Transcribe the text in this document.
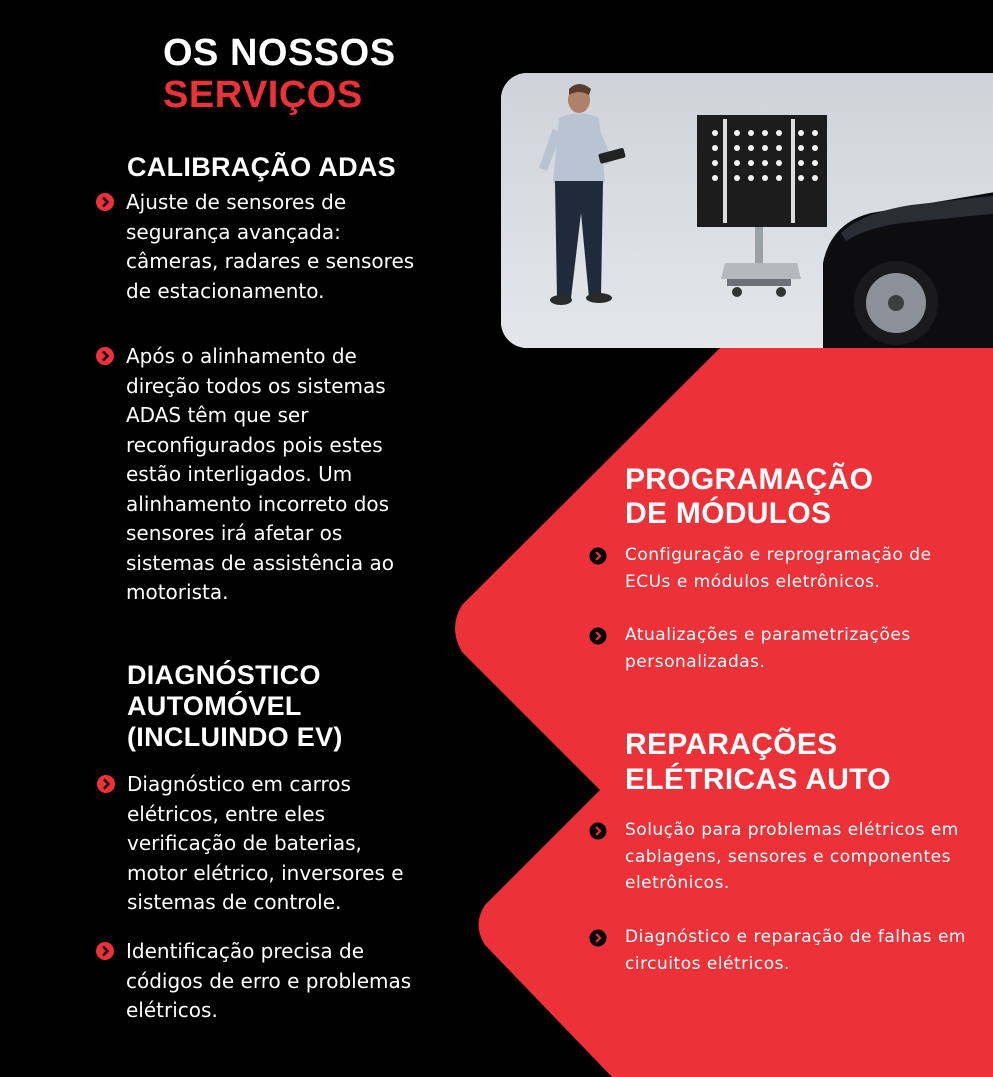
OS NOSSOS
SERVIÇOS
CALIBRAÇÃO ADAS
Ajuste de sensores de segurança avançada: câmeras, radares e sensores de estacionamento.
Após o alinhamento de direção todos os sistemas ADAS têm que ser reconfigurados pois estes estão interligados. Um alinhamento incorreto dos sensores irá afetar os sistemas de assistência ao motorista.
DIAGNÓSTICO
AUTOMÓVEL
(INCLUINDO EV)
Diagnóstico em carros elétricos, entre eles verificação de baterias, motor elétrico, inversores e sistemas de controle.
Identificação precisa de códigos de erro e problemas elétricos.
PROGRAMAÇÃO
DE MÓDULOS
Configuração e reprogramação de ECUs e módulos eletrônicos.
Atualizações e parametrizações personalizadas.
REPARAÇÕES
ELÉTRICAS AUTO
Solução para problemas elétricos em cablagens, sensores e componentes eletrônicos.
Diagnóstico e reparação de falhas em circuitos elétricos.
